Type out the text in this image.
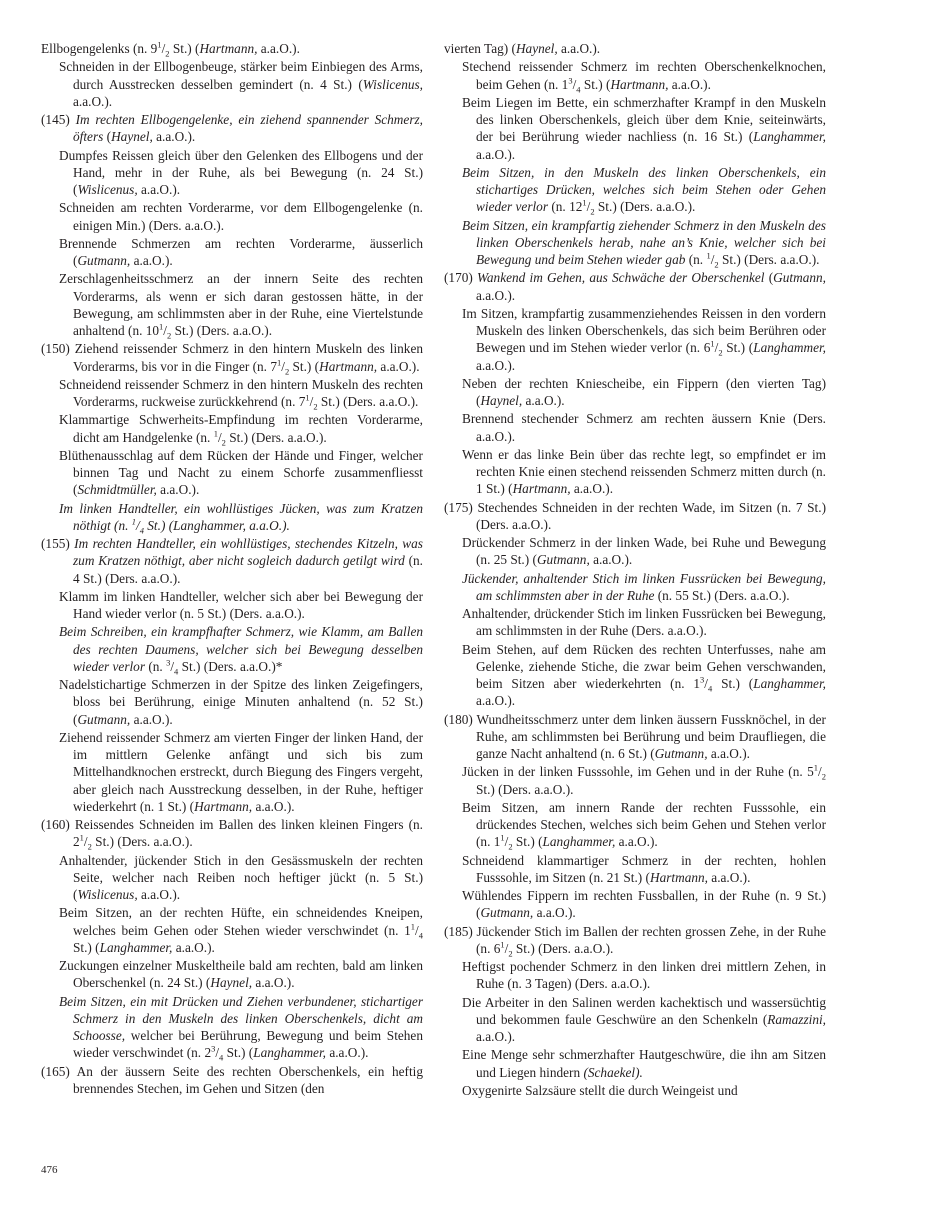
Ellbogengelenks (n. $9^1/_2$ St.) (Hartmann, a.a.O.).

Schneiden in der Ellbogenbeuge, stärker beim Einbiegen des Arms, durch Ausstrecken desselben gemindert (n. 4 St.) (Wislicenus, a.a.O.).

(145) Im rechten Ellbogengelenke, ein ziehend spannender Schmerz, öfters (Haynel, a.a.O.).

Dumpfes Reissen gleich über den Gelenken des Ellbogens und der Hand, mehr in der Ruhe, als bei Bewegung (n. 24 St.) (Wislicenus, a.a.O.).

Schneiden am rechten Vorderarme, vor dem Ellbogengelenke (n. einigen Min.) (Ders. a.a.O.).

Brennende Schmerzen am rechten Vorderarme, äusserlich (Gutmann, a.a.O.).

Zerschlagenheitsschmerz an der innern Seite des rechten Vorderarms, als wenn er sich daran gestossen hätte, in der Bewegung, am schlimmsten aber in der Ruhe, eine Viertelstunde anhaltend (n. $10^1/_2$ St.) (Ders. a.a.O.).

(150) Ziehend reissender Schmerz in den hintern Muskeln des linken Vorderarms, bis vor in die Finger (n. $7^1/_2$ St.) (Hartmann, a.a.O.).

Schneidend reissender Schmerz in den hintern Muskeln des rechten Vorderarms, ruckweise zurückkehrend (n. $7^1/_2$ St.) (Ders. a.a.O.).

Klammartige Schwerheits-Empfindung im rechten Vorderarme, dicht am Handgelenke (n. $^1/_2$ St.) (Ders. a.a.O.).

Blüthenausschlag auf dem Rücken der Hände und Finger, welcher binnen Tag und Nacht zu einem Schorfe zusammenfliesst (Schmidtmüller, a.a.O.).

Im linken Handteller, ein wohllüstiges Jücken, was zum Kratzen nöthigt (n. $^1/_4$ St.) (Langhammer, a.a.O.).

(155) Im rechten Handteller, ein wohllüstiges, stechendes Kitzeln, was zum Kratzen nöthigt, aber nicht sogleich dadurch getilgt wird (n. 4 St.) (Ders. a.a.O.).

Klamm im linken Handteller, welcher sich aber bei Bewegung der Hand wieder verlor (n. 5 St.) (Ders. a.a.O.).

Beim Schreiben, ein krampfhafter Schmerz, wie Klamm, am Ballen des rechten Daumens, welcher sich bei Bewegung desselben wieder verlor (n. $^3/_4$ St.) (Ders. a.a.O.)*

Nadelstichartige Schmerzen in der Spitze des linken Zeigefingers, bloss bei Berührung, einige Minuten anhaltend (n. 52 St.) (Gutmann, a.a.O.).

Ziehend reissender Schmerz am vierten Finger der linken Hand, der im mittlern Gelenke anfängt und sich bis zum Mittelhandknochen erstreckt, durch Biegung des Fingers vergeht, aber gleich nach Ausstreckung desselben, in der Ruhe, heftiger wiederkehrt (n. 1 St.) (Hartmann, a.a.O.).

(160) Reissendes Schneiden im Ballen des linken kleinen Fingers (n. $2^1/_2$ St.) (Ders. a.a.O.).

Anhaltender, jückender Stich in den Gesässmuskeln der rechten Seite, welcher nach Reiben noch heftiger jückt (n. 5 St.) (Wislicenus, a.a.O.).

Beim Sitzen, an der rechten Hüfte, ein schneidendes Kneipen, welches beim Gehen oder Stehen wieder verschwindet (n. $1^1/_4$ St.) (Langhammer, a.a.O.).

Zuckungen einzelner Muskeltheile bald am rechten, bald am linken Oberschenkel (n. 24 St.) (Haynel, a.a.O.).

Beim Sitzen, ein mit Drücken und Ziehen verbundener, stichartiger Schmerz in den Muskeln des linken Oberschenkels, dicht am Schoosse, welcher bei Berührung, Bewegung und beim Stehen wieder verschwindet (n. $2^3/_4$ St.) (Langhammer, a.a.O.).

(165) An der äussern Seite des rechten Oberschenkels, ein heftig brennendes Stechen, im Gehen und Sitzen (den

vierten Tag) (Haynel, a.a.O.).

Stechend reissender Schmerz im rechten Oberschenkelknochen, beim Gehen (n. $1^3/_4$ St.) (Hartmann, a.a.O.).

Beim Liegen im Bette, ein schmerzhafter Krampf in den Muskeln des linken Oberschenkels, gleich über dem Knie, seiteinwärts, der bei Berührung wieder nachliess (n. 16 St.) (Langhammer, a.a.O.).

Beim Sitzen, in den Muskeln des linken Oberschenkels, ein stichartiges Drücken, welches sich beim Stehen oder Gehen wieder verlor (n. $12^1/_2$ St.) (Ders. a.a.O.).

Beim Sitzen, ein krampfartig ziehender Schmerz in den Muskeln des linken Oberschenkels herab, nahe an’s Knie, welcher sich bei Bewegung und beim Stehen wieder gab (n. $^1/_2$ St.) (Ders. a.a.O.).

(170) Wankend im Gehen, aus Schwäche der Oberschenkel (Gutmann, a.a.O.).

Im Sitzen, krampfartig zusammenziehendes Reissen in den vordern Muskeln des linken Oberschenkels, das sich beim Berühren oder Bewegen und im Stehen wieder verlor (n. $6^1/_2$ St.) (Langhammer, a.a.O.).

Neben der rechten Kniescheibe, ein Fippern (den vierten Tag) (Haynel, a.a.O.).

Brennend stechender Schmerz am rechten äussern Knie (Ders. a.a.O.).

Wenn er das linke Bein über das rechte legt, so empfindet er im rechten Knie einen stechend reissenden Schmerz mitten durch (n. 1 St.) (Hartmann, a.a.O.).

(175) Stechendes Schneiden in der rechten Wade, im Sitzen (n. 7 St.) (Ders. a.a.O.).

Drückender Schmerz in der linken Wade, bei Ruhe und Bewegung (n. 25 St.) (Gutmann, a.a.O.).

Jückender, anhaltender Stich im linken Fussrücken bei Bewegung, am schlimmsten aber in der Ruhe (n. 55 St.) (Ders. a.a.O.).

Anhaltender, drückender Stich im linken Fussrücken bei Bewegung, am schlimmsten in der Ruhe (Ders. a.a.O.).

Beim Stehen, auf dem Rücken des rechten Unterfusses, nahe am Gelenke, ziehende Stiche, die zwar beim Gehen verschwanden, beim Sitzen aber wiederkehrten (n. $1^3/_4$ St.) (Langhammer, a.a.O.).

(180) Wundheitsschmerz unter dem linken äussern Fussknöchel, in der Ruhe, am schlimmsten bei Berührung und beim Draufliegen, die ganze Nacht anhaltend (n. 6 St.) (Gutmann, a.a.O.).

Jücken in der linken Fusssohle, im Gehen und in der Ruhe (n. $5^1/_2$ St.) (Ders. a.a.O.).

Beim Sitzen, am innern Rande der rechten Fusssohle, ein drückendes Stechen, welches sich beim Gehen und Stehen verlor (n. $1^1/_2$ St.) (Langhammer, a.a.O.).

Schneidend klammartiger Schmerz in der rechten, hohlen Fusssohle, im Sitzen (n. 21 St.) (Hartmann, a.a.O.).

Wühlendes Fippern im rechten Fussballen, in der Ruhe (n. 9 St.) (Gutmann, a.a.O.).

(185) Jückender Stich im Ballen der rechten grossen Zehe, in der Ruhe (n. $6^1/_2$ St.) (Ders. a.a.O.).

Heftigst pochender Schmerz in den linken drei mittlern Zehen, in Ruhe (n. 3 Tagen) (Ders. a.a.O.).

Die Arbeiter in den Salinen werden kachektisch und wassersüchtig und bekommen faule Geschwüre an den Schenkeln (Ramazzini, a.a.O.).

Eine Menge sehr schmerzhafter Hautgeschwüre, die ihn am Sitzen und Liegen hindern (Schaekel).

Oxygenirte Salzsäure stellt die durch Weingeist und

476
